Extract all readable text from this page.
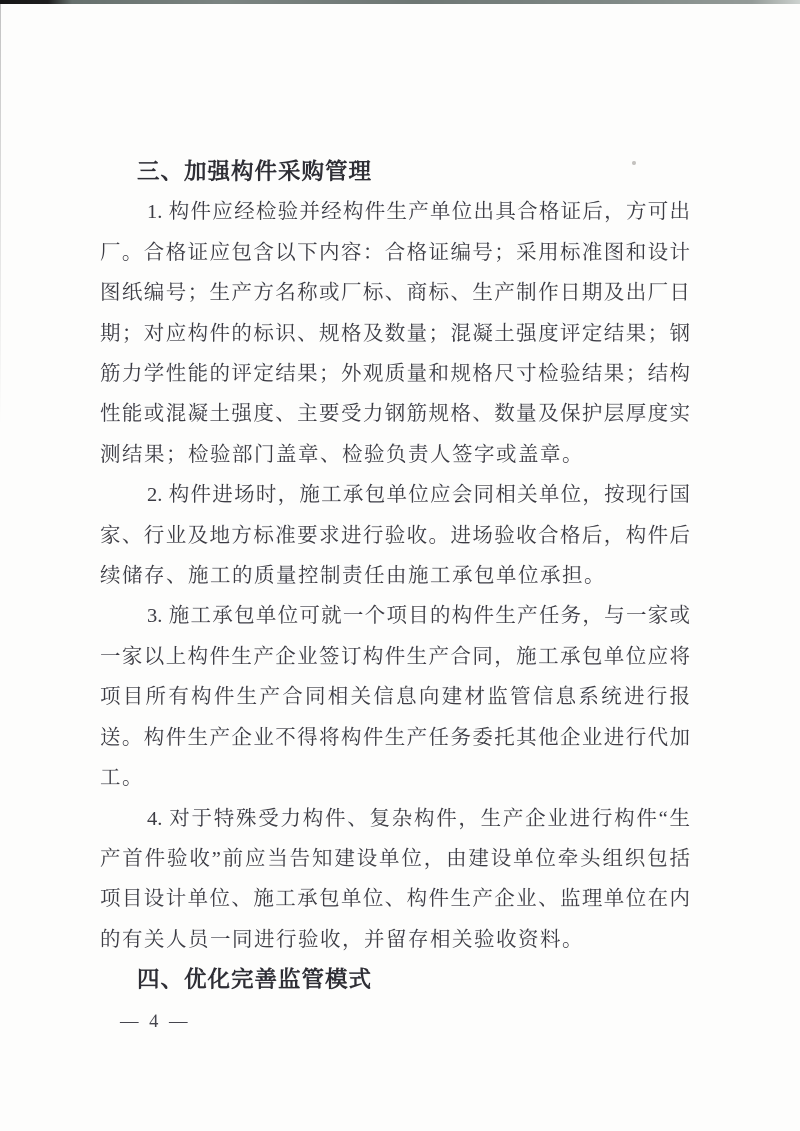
三、加强构件采购管理
1. 构件应经检验并经构件生产单位出具合格证后，方可出
厂。合格证应包含以下内容：合格证编号；采用标准图和设计
图纸编号；生产方名称或厂标、商标、生产制作日期及出厂日
期；对应构件的标识、规格及数量；混凝土强度评定结果；钢
筋力学性能的评定结果；外观质量和规格尺寸检验结果；结构
性能或混凝土强度、主要受力钢筋规格、数量及保护层厚度实
测结果；检验部门盖章、检验负责人签字或盖章。
2. 构件进场时，施工承包单位应会同相关单位，按现行国
家、行业及地方标准要求进行验收。进场验收合格后，构件后
续储存、施工的质量控制责任由施工承包单位承担。
3. 施工承包单位可就一个项目的构件生产任务，与一家或
一家以上构件生产企业签订构件生产合同，施工承包单位应将
项目所有构件生产合同相关信息向建材监管信息系统进行报
送。构件生产企业不得将构件生产任务委托其他企业进行代加
工。
4. 对于特殊受力构件、复杂构件，生产企业进行构件“生
产首件验收”前应当告知建设单位，由建设单位牵头组织包括
项目设计单位、施工承包单位、构件生产企业、监理单位在内
的有关人员一同进行验收，并留存相关验收资料。
四、优化完善监管模式
— 4 —
